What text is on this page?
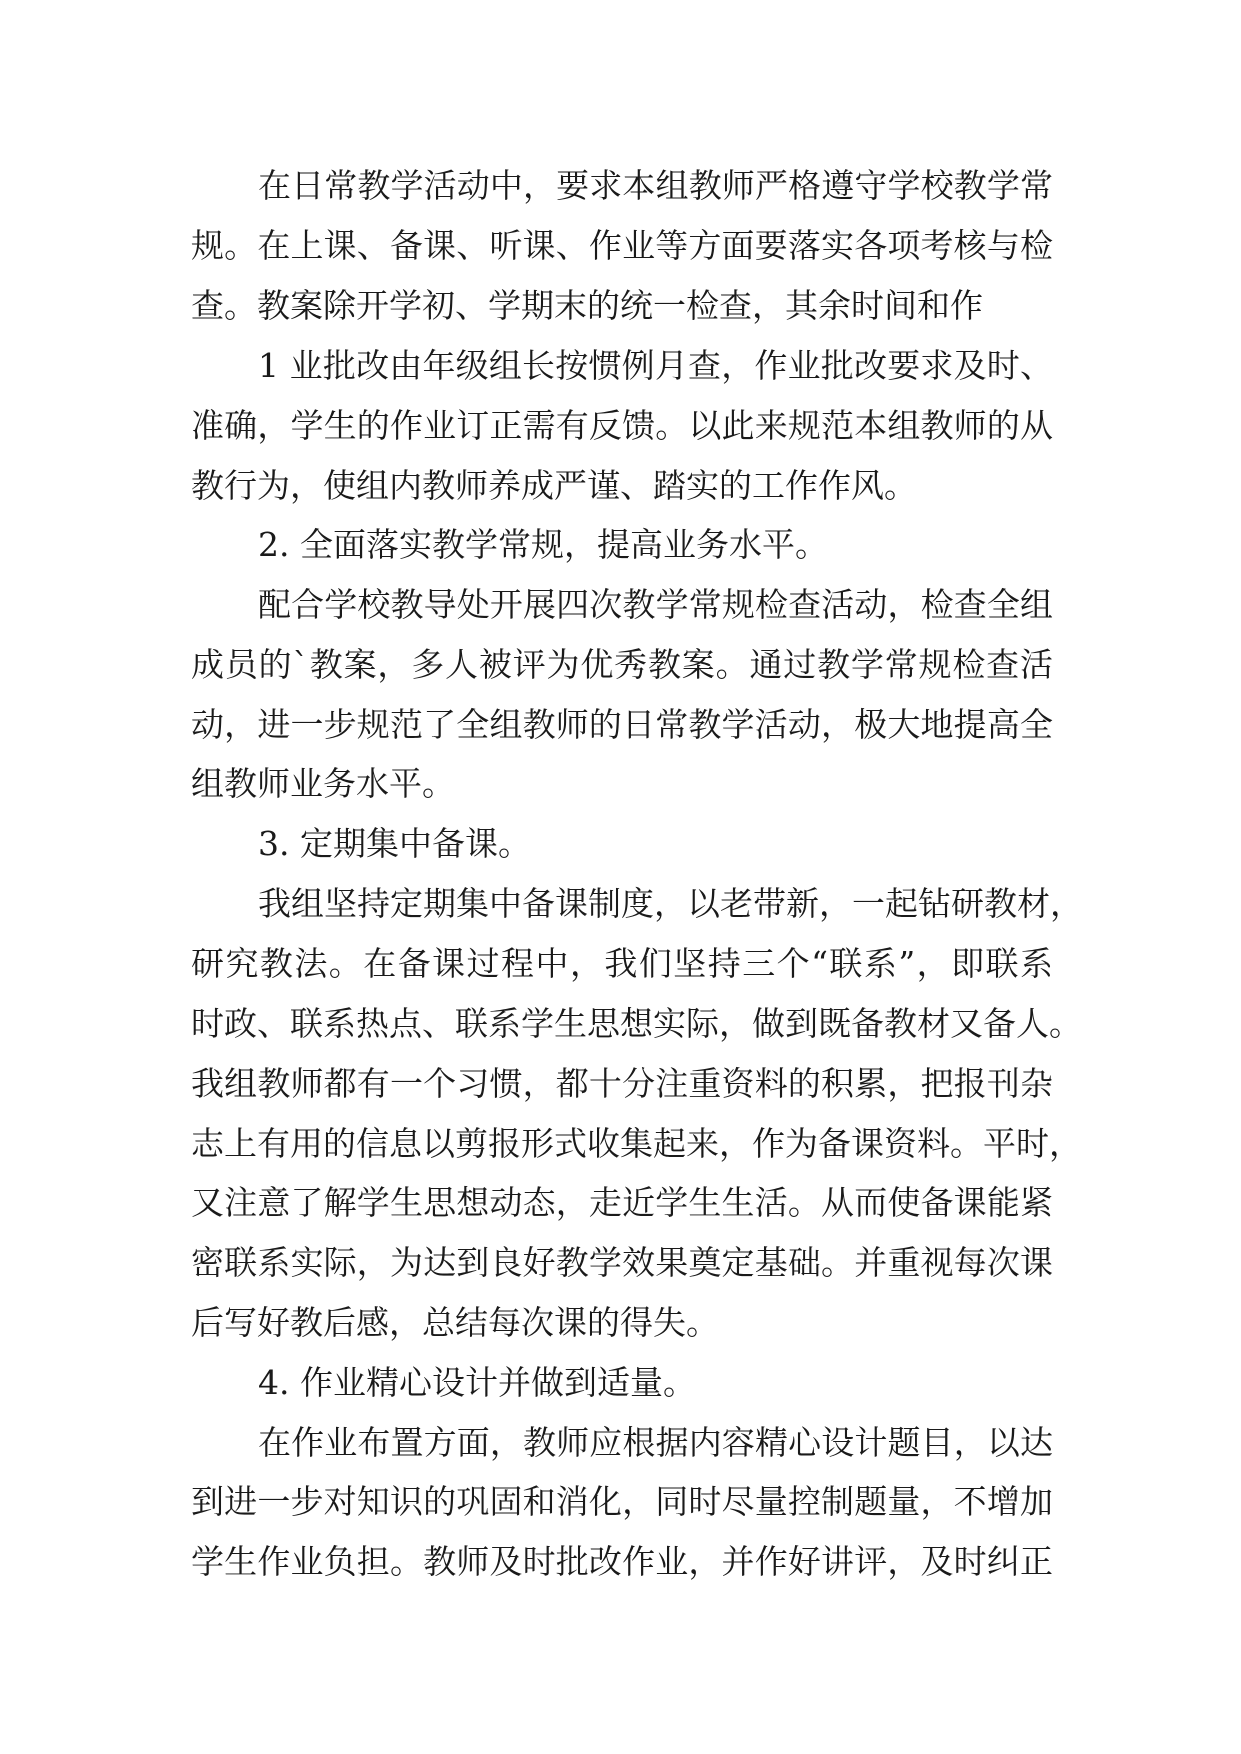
在日常教学活动中，要求本组教师严格遵守学校教学常
规。在上课、备课、听课、作业等方面要落实各项考核与检
查。教案除开学初、学期末的统一检查，其余时间和作
1 业批改由年级组长按惯例月查，作业批改要求及时、
准确，学生的作业订正需有反馈。以此来规范本组教师的从
教行为，使组内教师养成严谨、踏实的工作作风。
2. 全面落实教学常规，提高业务水平。
配合学校教导处开展四次教学常规检查活动，检查全组
成员的`教案，多人被评为优秀教案。通过教学常规检查活
动，进一步规范了全组教师的日常教学活动，极大地提高全
组教师业务水平。
3. 定期集中备课。
我组坚持定期集中备课制度，以老带新，一起钻研教材，
研究教法。在备课过程中，我们坚持三个“联系”，即联系
时政、联系热点、联系学生思想实际，做到既备教材又备人。
我组教师都有一个习惯，都十分注重资料的积累，把报刊杂
志上有用的信息以剪报形式收集起来，作为备课资料。平时，
又注意了解学生思想动态，走近学生生活。从而使备课能紧
密联系实际，为达到良好教学效果奠定基础。并重视每次课
后写好教后感，总结每次课的得失。
4. 作业精心设计并做到适量。
在作业布置方面，教师应根据内容精心设计题目，以达
到进一步对知识的巩固和消化，同时尽量控制题量，不增加
学生作业负担。教师及时批改作业，并作好讲评，及时纠正
